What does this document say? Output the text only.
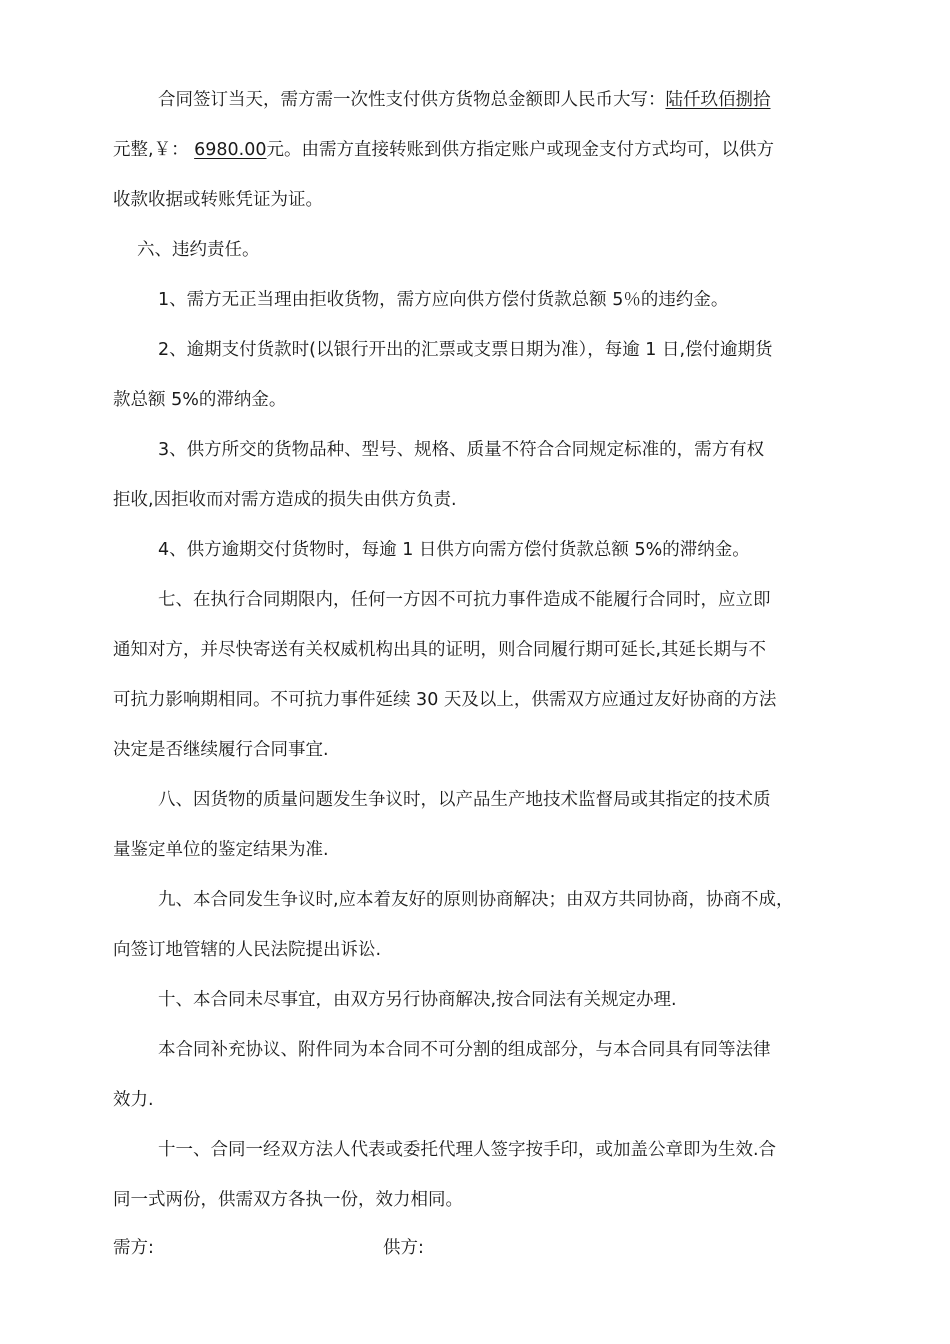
合同签订当天，需方需一次性支付供方货物总金额即人民币大写：陆仟玖佰捌拾
元整,￥： 6980.00元。由需方直接转账到供方指定账户或现金支付方式均可，以供方
收款收据或转账凭证为证。
六、违约责任。
1、需方无正当理由拒收货物，需方应向供方偿付货款总额 5％的违约金。
2、逾期支付货款时(以银行开出的汇票或支票日期为准），每逾 1 日,偿付逾期货
款总额 5%的滞纳金。
3、供方所交的货物品种、型号、规格、质量不符合合同规定标准的，需方有权
拒收,因拒收而对需方造成的损失由供方负责.
4、供方逾期交付货物时，每逾 1 日供方向需方偿付货款总额 5%的滞纳金。
七、在执行合同期限内，任何一方因不可抗力事件造成不能履行合同时，应立即
通知对方，并尽快寄送有关权威机构出具的证明，则合同履行期可延长,其延长期与不
可抗力影响期相同。不可抗力事件延续 30 天及以上，供需双方应通过友好协商的方法
决定是否继续履行合同事宜.
八、因货物的质量问题发生争议时，以产品生产地技术监督局或其指定的技术质
量鉴定单位的鉴定结果为准.
九、本合同发生争议时,应本着友好的原则协商解决；由双方共同协商，协商不成，
向签订地管辖的人民法院提出诉讼.
十、本合同未尽事宜，由双方另行协商解决,按合同法有关规定办理.
本合同补充协议、附件同为本合同不可分割的组成部分，与本合同具有同等法律
效力.
十一、合同一经双方法人代表或委托代理人签字按手印，或加盖公章即为生效.合
同一式两份，供需双方各执一份，效力相同。
需方:	供方:
